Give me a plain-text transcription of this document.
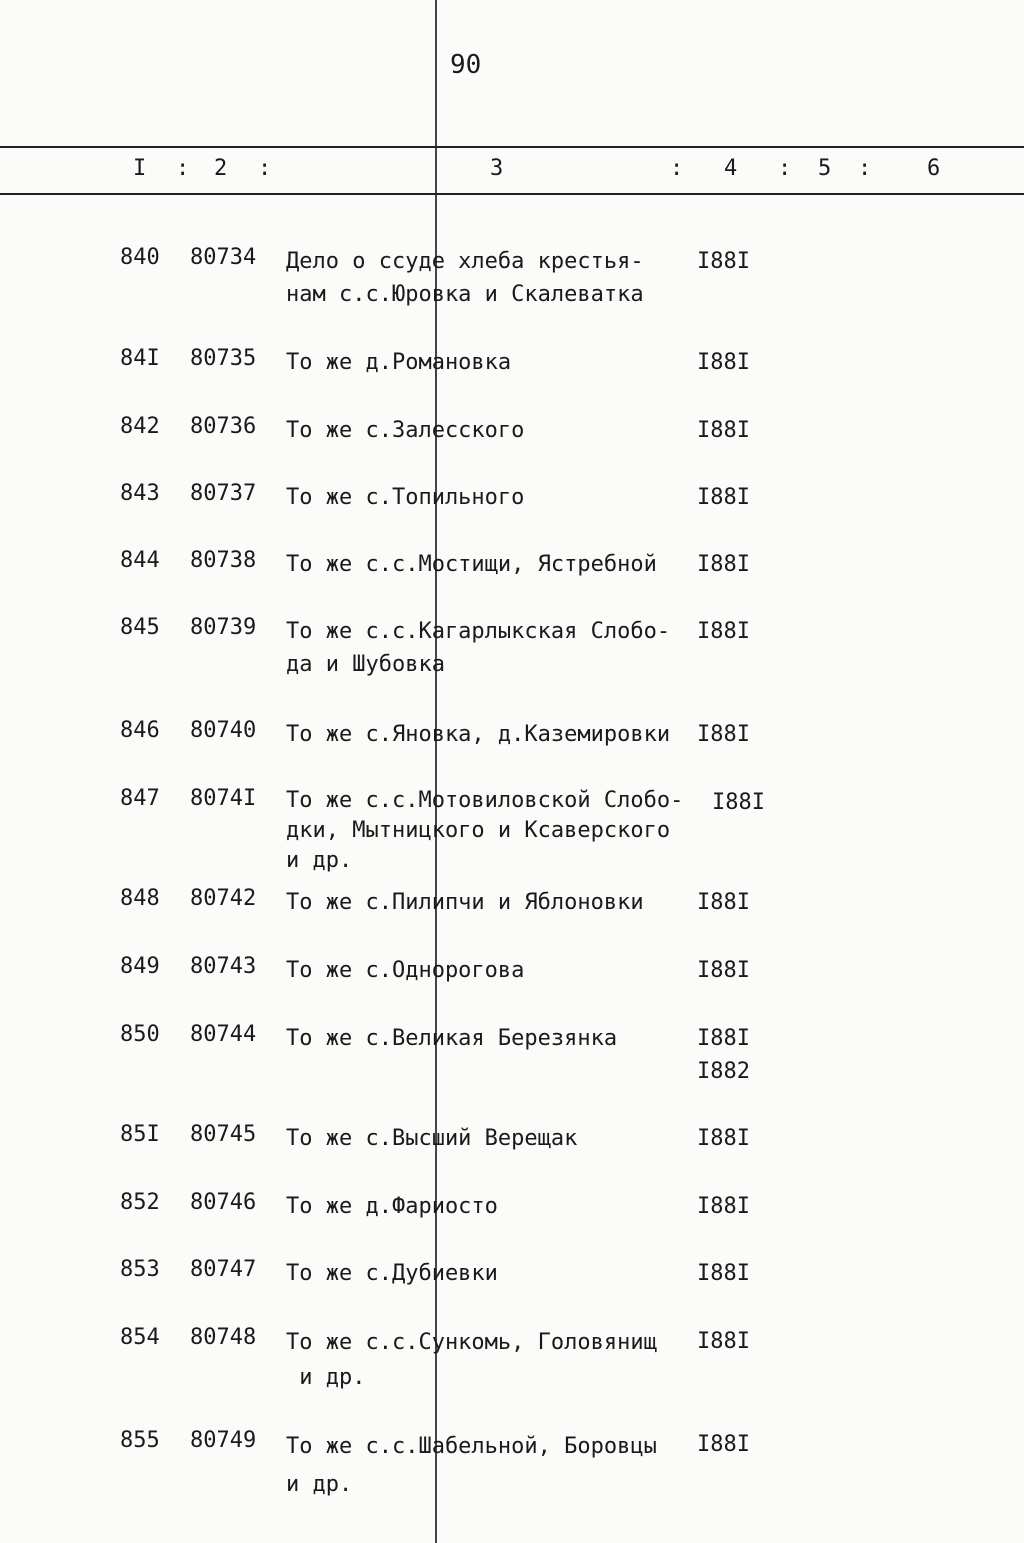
90
I : 2 :	3	: 4 : 5 :	6
840 80734 Дело о ссуде хлеба крестья-
нам с.с.Юровка и Скалеватка
I88I
84I 80735 То же д.Романовка	I88I
842 80736 То же с.Залесского	I88I
843 80737 То же с.Топильного	I88I
844 80738 То же с.с.Мостищи, Ястребной	I88I
845 80739 То же с.с.Кагарлыкская Слобо-
да и Шубовка
I88I
846 80740 То же с.Яновка, д.Каземировки	I88I
847 8074I То же с.с.Мотовиловской Слобо-
дки, Мытницкого и Ксаверского
и др.
I88I
848 80742 То же с.Пилипчи и Яблоновки	I88I
849 80743 То же с.Однорогова	I88I
850 80744 То же с.Великая Березянка	I88I
I882
85I 80745 То же с.Высший Верещак	I88I
852 80746 То же д.Фариосто	I88I
853 80747 То же с.Дубиевки	I88I
854 80748 То же с.с.Сункомь, Головянищ
и др.
I88I
855 80749 То же с.с.Шабельной, Боровцы
и др.
I88I
